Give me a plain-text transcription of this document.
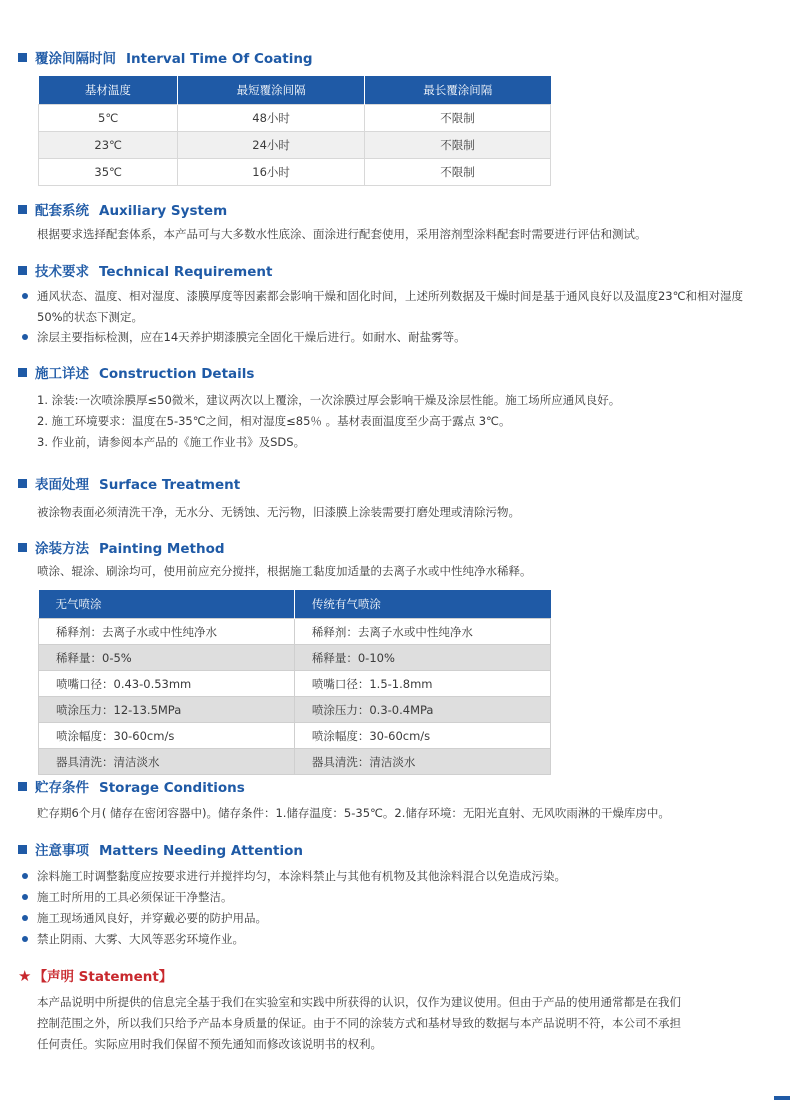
覆涂间隔时间 Interval Time Of Coating
基材温度	最短覆涂间隔	最长覆涂间隔
5℃	48小时	不限制
23℃	24小时	不限制
35℃	16小时	不限制
配套系统 Auxiliary System
根据要求选择配套体系，本产品可与大多数水性底涂、面涂进行配套使用，采用溶剂型涂料配套时需要进行评估和测试。
技术要求 Technical Requirement
通风状态、温度、相对湿度、漆膜厚度等因素都会影响干燥和固化时间，上述所列数据及干燥时间是基于通风良好以及温度23℃和相对湿度50%的状态下测定。
涂层主要指标检测，应在14天养护期漆膜完全固化干燥后进行。如耐水、耐盐雾等。
施工详述 Construction Details
1. 涂装:一次喷涂膜厚≤50微米，建议两次以上覆涂，一次涂膜过厚会影响干燥及涂层性能。施工场所应通风良好。
2. 施工环境要求：温度在5-35℃之间，相对湿度≤85％ 。基材表面温度至少高于露点 3℃。
3. 作业前，请参阅本产品的《施工作业书》及SDS。
表面处理 Surface Treatment
被涂物表面必须清洗干净，无水分、无锈蚀、无污物，旧漆膜上涂装需要打磨处理或清除污物。
涂装方法 Painting Method
喷涂、辊涂、刷涂均可，使用前应充分搅拌，根据施工黏度加适量的去离子水或中性纯净水稀释。
无气喷涂	传统有气喷涂
稀释剂：去离子水或中性纯净水	稀释剂：去离子水或中性纯净水
稀释量：0-5%	稀释量：0-10%
喷嘴口径：0.43-0.53mm	喷嘴口径：1.5-1.8mm
喷涂压力：12-13.5MPa	喷涂压力：0.3-0.4MPa
喷涂幅度：30-60cm/s	喷涂幅度：30-60cm/s
器具清洗：清洁淡水	器具清洗：清洁淡水
贮存条件 Storage Conditions
贮存期6个月( 储存在密闭容器中)。储存条件：1.储存温度：5-35℃。2.储存环境：无阳光直射、无风吹雨淋的干燥库房中。
注意事项 Matters Needing Attention
涂料施工时调整黏度应按要求进行并搅拌均匀，本涂料禁止与其他有机物及其他涂料混合以免造成污染。
施工时所用的工具必须保证干净整洁。
施工现场通风良好，并穿戴必要的防护用品。
禁止阴雨、大雾、大风等恶劣环境作业。
★ 【声明 Statement】
本产品说明中所提供的信息完全基于我们在实验室和实践中所获得的认识，仅作为建议使用。但由于产品的使用通常都是在我们
控制范围之外，所以我们只给予产品本身质量的保证。由于不同的涂装方式和基材导致的数据与本产品说明不符，本公司不承担
任何责任。实际应用时我们保留不预先通知而修改该说明书的权利。
